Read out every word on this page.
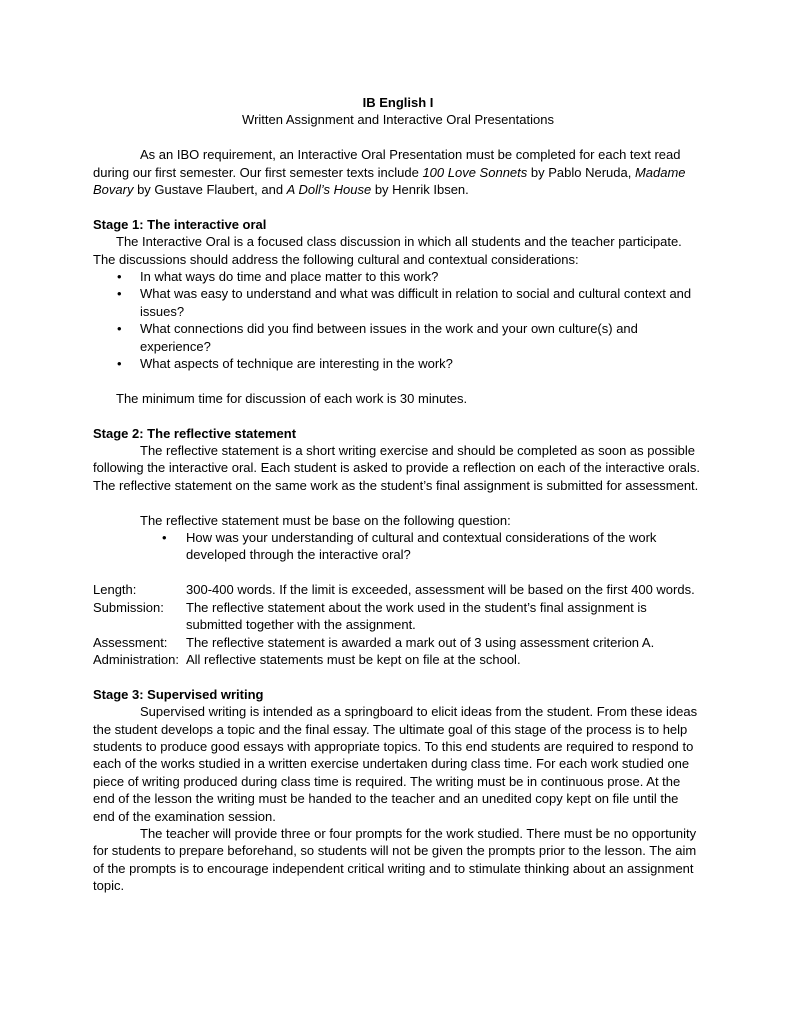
IB English I

Written Assignment and Interactive Oral Presentations

As an IBO requirement, an Interactive Oral Presentation must be completed for each text read during our first semester. Our first semester texts include 100 Love Sonnets by Pablo Neruda, Madame Bovary by Gustave Flaubert, and A Doll’s House by Henrik Ibsen.

Stage 1: The interactive oral

The Interactive Oral is a focused class discussion in which all students and the teacher participate. The discussions should address the following cultural and contextual considerations:

• In what ways do time and place matter to this work?
• What was easy to understand and what was difficult in relation to social and cultural context and issues?
• What connections did you find between issues in the work and your own culture(s) and experience?
• What aspects of technique are interesting in the work?

The minimum time for discussion of each work is 30 minutes.

Stage 2: The reflective statement

The reflective statement is a short writing exercise and should be completed as soon as possible following the interactive oral. Each student is asked to provide a reflection on each of the interactive orals. The reflective statement on the same work as the student’s final assignment is submitted for assessment.

The reflective statement must be base on the following question:

• How was your understanding of cultural and contextual considerations of the work developed through the interactive oral?
Length:	300-400 words. If the limit is exceeded, assessment will be based on the first 400 words.
Submission:	The reflective statement about the work used in the student’s final assignment is submitted together with the assignment.
Assessment:	The reflective statement is awarded a mark out of 3 using assessment criterion A.
Administration: All reflective statements must be kept on file at the school.

Stage 3: Supervised writing

Supervised writing is intended as a springboard to elicit ideas from the student. From these ideas the student develops a topic and the final essay. The ultimate goal of this stage of the process is to help students to produce good essays with appropriate topics. To this end students are required to respond to each of the works studied in a written exercise undertaken during class time. For each work studied one piece of writing produced during class time is required. The writing must be in continuous prose. At the end of the lesson the writing must be handed to the teacher and an unedited copy kept on file until the end of the examination session.

The teacher will provide three or four prompts for the work studied. There must be no opportunity for students to prepare beforehand, so students will not be given the prompts prior to the lesson. The aim of the prompts is to encourage independent critical writing and to stimulate thinking about an assignment topic.
